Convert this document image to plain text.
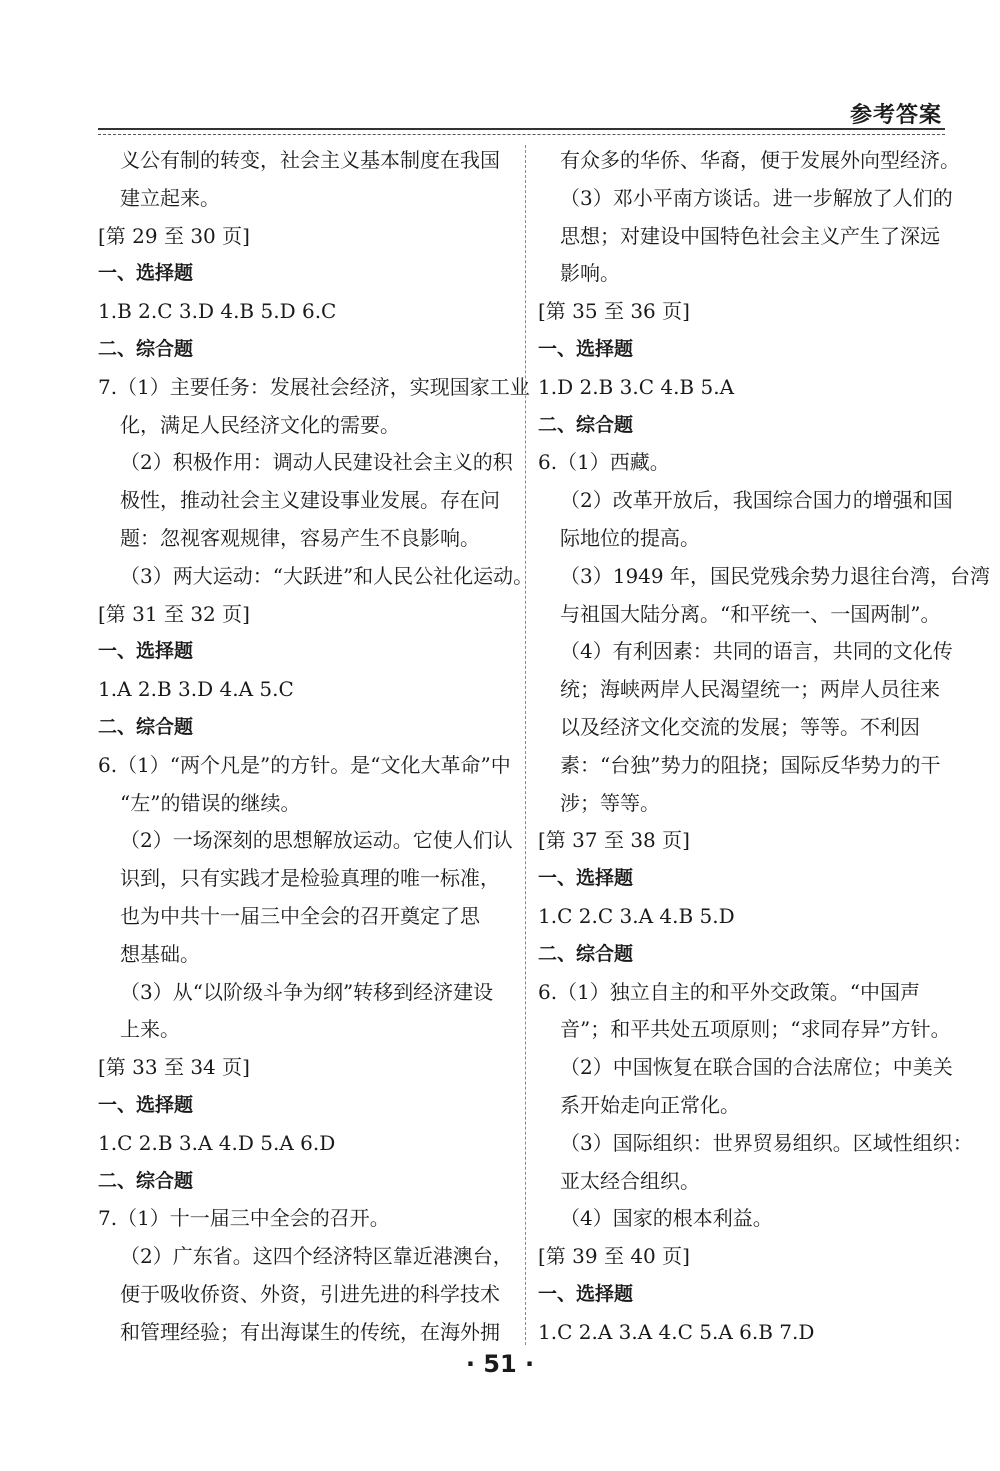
参考答案
义公有制的转变，社会主义基本制度在我国
建立起来。
[第 29 至 30 页]
一、选择题
1.B 2.C 3.D 4.B 5.D 6.C
二、综合题
7.（1）主要任务：发展社会经济，实现国家工业
化，满足人民经济文化的需要。
（2）积极作用：调动人民建设社会主义的积
极性，推动社会主义建设事业发展。存在问
题：忽视客观规律，容易产生不良影响。
（3）两大运动：“大跃进”和人民公社化运动。
[第 31 至 32 页]
一、选择题
1.A 2.B 3.D 4.A 5.C
二、综合题
6.（1）“两个凡是”的方针。是“文化大革命”中
“左”的错误的继续。
（2）一场深刻的思想解放运动。它使人们认
识到，只有实践才是检验真理的唯一标准，
也为中共十一届三中全会的召开奠定了思
想基础。
（3）从“以阶级斗争为纲”转移到经济建设
上来。
[第 33 至 34 页]
一、选择题
1.C 2.B 3.A 4.D 5.A 6.D
二、综合题
7.（1）十一届三中全会的召开。
（2）广东省。这四个经济特区靠近港澳台，
便于吸收侨资、外资，引进先进的科学技术
和管理经验；有出海谋生的传统，在海外拥
有众多的华侨、华裔，便于发展外向型经济。
（3）邓小平南方谈话。进一步解放了人们的
思想；对建设中国特色社会主义产生了深远
影响。
[第 35 至 36 页]
一、选择题
1.D 2.B 3.C 4.B 5.A
二、综合题
6.（1）西藏。
（2）改革开放后，我国综合国力的增强和国
际地位的提高。
（3）1949 年，国民党残余势力退往台湾，台湾
与祖国大陆分离。“和平统一、一国两制”。
（4）有利因素：共同的语言，共同的文化传
统；海峡两岸人民渴望统一；两岸人员往来
以及经济文化交流的发展；等等。不利因
素：“台独”势力的阻挠；国际反华势力的干
涉；等等。
[第 37 至 38 页]
一、选择题
1.C 2.C 3.A 4.B 5.D
二、综合题
6.（1）独立自主的和平外交政策。“中国声
音”；和平共处五项原则；“求同存异”方针。
（2）中国恢复在联合国的合法席位；中美关
系开始走向正常化。
（3）国际组织：世界贸易组织。区域性组织：
亚太经合组织。
（4）国家的根本利益。
[第 39 至 40 页]
一、选择题
1.C 2.A 3.A 4.C 5.A 6.B 7.D
· 51 ·
